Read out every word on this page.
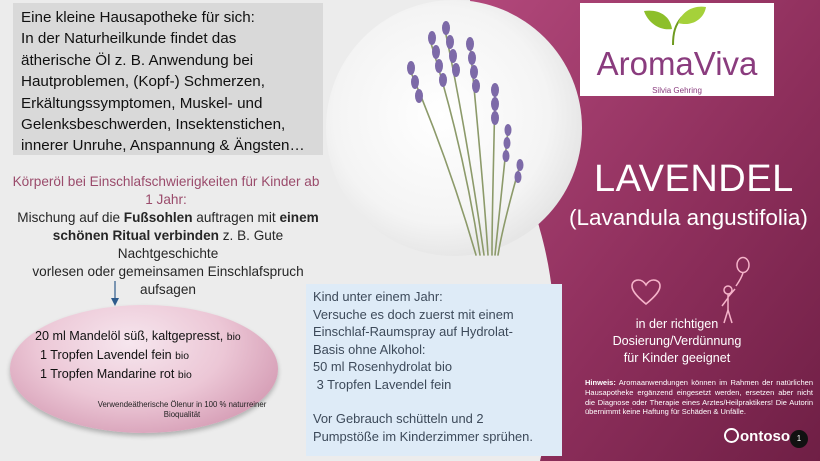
Eine kleine Hausapotheke für sich:
In der Naturheilkunde findet das
ätherische Öl z. B. Anwendung bei
Hautproblemen, (Kopf-) Schmerzen,
Erkältungssymptomen, Muskel- und
Gelenksbeschwerden, Insektenstichen,
innerer Unruhe, Anspannung & Ängsten…

Körperöl bei Einschlafschwierigkeiten für Kinder ab
1 Jahr:
Mischung auf die Fußsohlen auftragen mit einem
schönen Ritual verbinden z. B. Gute Nachtgeschichte
vorlesen oder gemeinsamen Einschlafspruch
aufsagen
20 ml Mandelöl süß, kaltgepresst, bio
1 Tropfen Lavendel fein bio
1 Tropfen Mandarine rot bio
Verwendeätherische Ölenur in 100 % naturreiner
Bioqualität

Kind unter einem Jahr:

Versuche es doch zuerst mit einem

Einschlaf-Raumspray auf Hydrolat-

Basis ohne Alkohol:

50 ml Rosenhydrolat bio

3 Tropfen Lavendel fein

Vor Gebrauch schütteln und 2

Pumpstöße im Kinderzimmer sprühen.

AromaViva
Silvia Gehring
LAVENDEL
(Lavandula angustifolia)
in der richtigen
Dosierung/Verdünnung
für Kinder geeignet
Hinweis: Aromaanwendungen können im Rahmen der natürlichen Hausapotheke ergänzend eingesetzt werden, ersetzen aber nicht die Diagnose oder Therapie eines Arztes/Heilpraktikers! Die Autorin übernimmt keine Haftung für Schäden & Unfälle.
ontoso 1
